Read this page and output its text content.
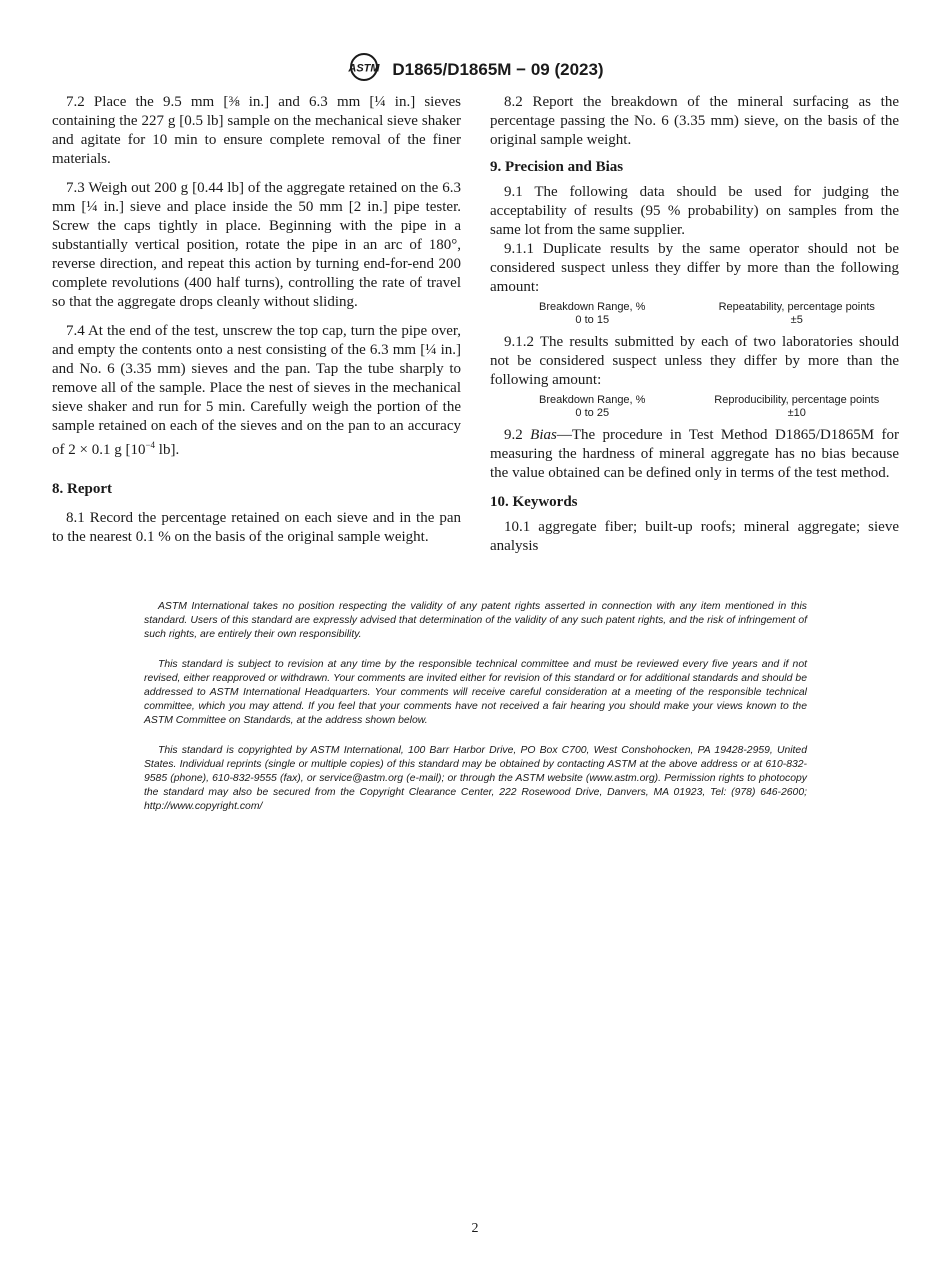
ASTM D1865/D1865M − 09 (2023)

7.2 Place the 9.5 mm [⅜ in.] and 6.3 mm [¼ in.] sieves containing the 227 g [0.5 lb] sample on the mechanical sieve shaker and agitate for 10 min to ensure complete removal of the finer materials.

7.3 Weigh out 200 g [0.44 lb] of the aggregate retained on the 6.3 mm [¼ in.] sieve and place inside the 50 mm [2 in.] pipe tester. Screw the caps tightly in place. Beginning with the pipe in a substantially vertical position, rotate the pipe in an arc of 180°, reverse direction, and repeat this action by turning end-for-end 200 complete revolutions (400 half turns), controlling the rate of travel so that the aggregate drops cleanly without sliding.

7.4 At the end of the test, unscrew the top cap, turn the pipe over, and empty the contents onto a nest consisting of the 6.3 mm [¼ in.] and No. 6 (3.35 mm) sieves and the pan. Tap the tube sharply to remove all of the sample. Place the nest of sieves in the mechanical sieve shaker and run for 5 min. Carefully weigh the portion of the sample retained on each of the sieves and on the pan to an accuracy of 2 × 0.1 g [$10^{-4}$ lb].

8. Report

8.1 Record the percentage retained on each sieve and in the pan to the nearest 0.1 % on the basis of the original sample weight.

8.2 Report the breakdown of the mineral surfacing as the percentage passing the No. 6 (3.35 mm) sieve, on the basis of the original sample weight.

9. Precision and Bias

9.1 The following data should be used for judging the acceptability of results (95 % probability) on samples from the same lot from the same supplier.

9.1.1 Duplicate results by the same operator should not be considered suspect unless they differ by more than the following amount:

Breakdown Range, %	Repeatability, percentage points
0 to 15	±5

9.1.2 The results submitted by each of two laboratories should not be considered suspect unless they differ by more than the following amount:

Breakdown Range, %	Reproducibility, percentage points
0 to 25	±10

9.2 Bias—The procedure in Test Method D1865/D1865M for measuring the hardness of mineral aggregate has no bias because the value obtained can be defined only in terms of the test method.

10. Keywords

10.1 aggregate fiber; built-up roofs; mineral aggregate; sieve analysis

ASTM International takes no position respecting the validity of any patent rights asserted in connection with any item mentioned in this standard. Users of this standard are expressly advised that determination of the validity of any such patent rights, and the risk of infringement of such rights, are entirely their own responsibility.

This standard is subject to revision at any time by the responsible technical committee and must be reviewed every five years and if not revised, either reapproved or withdrawn. Your comments are invited either for revision of this standard or for additional standards and should be addressed to ASTM International Headquarters. Your comments will receive careful consideration at a meeting of the responsible technical committee, which you may attend. If you feel that your comments have not received a fair hearing you should make your views known to the ASTM Committee on Standards, at the address shown below.

This standard is copyrighted by ASTM International, 100 Barr Harbor Drive, PO Box C700, West Conshohocken, PA 19428-2959, United States. Individual reprints (single or multiple copies) of this standard may be obtained by contacting ASTM at the above address or at 610-832-9585 (phone), 610-832-9555 (fax), or service@astm.org (e-mail); or through the ASTM website (www.astm.org). Permission rights to photocopy the standard may also be secured from the Copyright Clearance Center, 222 Rosewood Drive, Danvers, MA 01923, Tel: (978) 646-2600; http://www.copyright.com/

2
